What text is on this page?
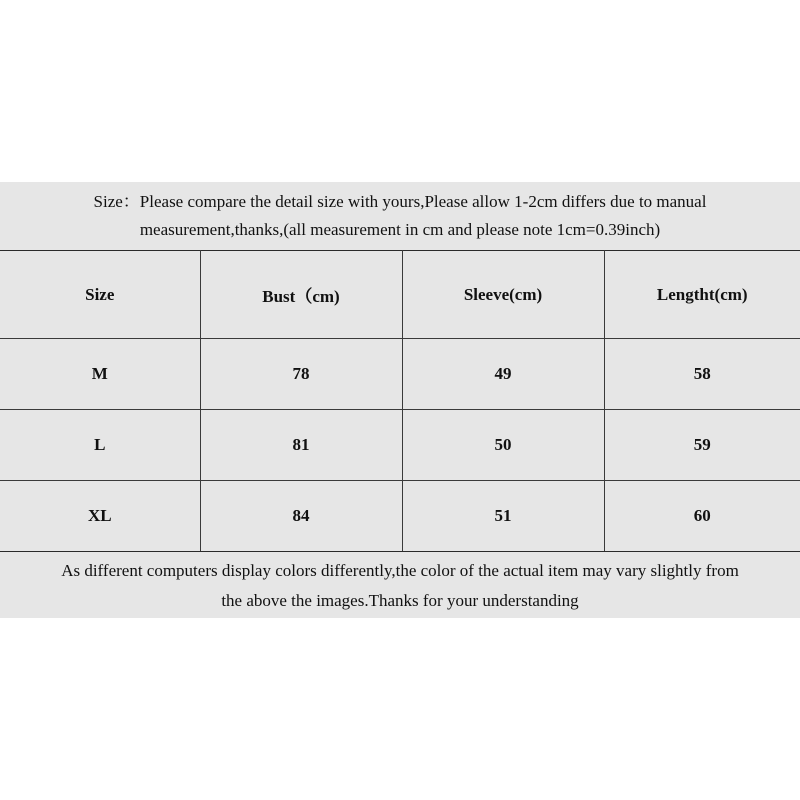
Size：Please compare the detail size with yours,Please allow 1-2cm differs due to manual
measurement,thanks,(all measurement in cm and please note 1cm=0.39inch)
Size	Bust（cm)	Sleeve(cm)	Lengtht(cm)
M	78	49	58
L	81	50	59
XL	84	51	60
As different computers display colors differently,the color of the actual item may vary slightly from
the above the images.Thanks for your understanding
